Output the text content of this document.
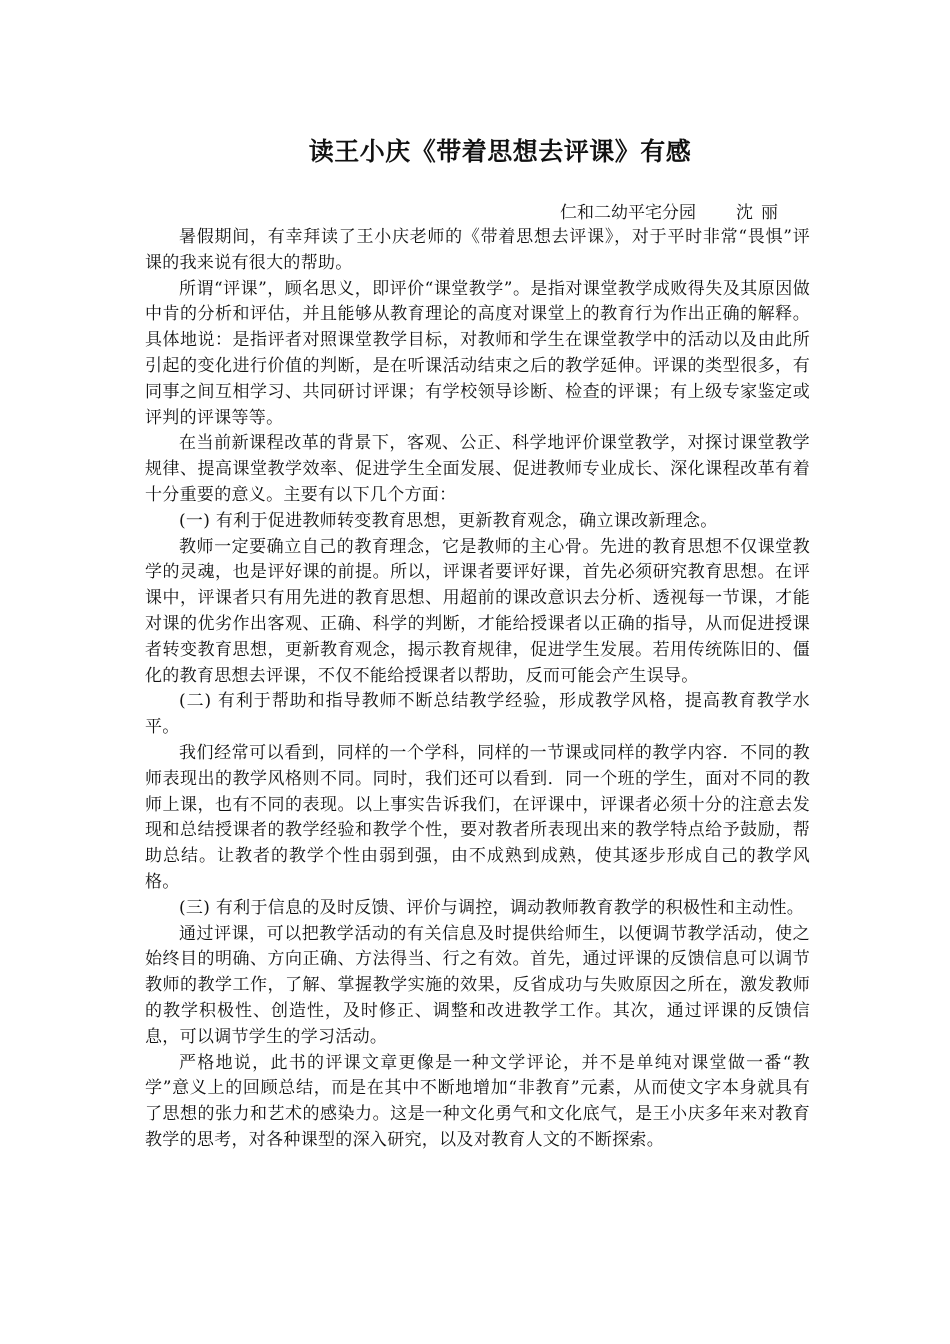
读王小庆《带着思想去评课》有感
仁和二幼平宅分园 沈丽

暑假期间，有幸拜读了王小庆老师的《带着思想去评课》，对于平时非常“畏惧”评课的我来说有很大的帮助。

所谓“评课”，顾名思义，即评价“课堂教学”。是指对课堂教学成败得失及其原因做中肯的分析和评估，并且能够从教育理论的高度对课堂上的教育行为作出正确的解释。具体地说：是指评者对照课堂教学目标，对教师和学生在课堂教学中的活动以及由此所引起的变化进行价值的判断，是在听课活动结束之后的教学延伸。评课的类型很多，有同事之间互相学习、共同研讨评课；有学校领导诊断、检查的评课；有上级专家鉴定或评判的评课等等。

在当前新课程改革的背景下，客观、公正、科学地评价课堂教学，对探讨课堂教学规律、提高课堂教学效率、促进学生全面发展、促进教师专业成长、深化课程改革有着十分重要的意义。主要有以下几个方面：

(一) 有利于促进教师转变教育思想，更新教育观念，确立课改新理念。

教师一定要确立自己的教育理念，它是教师的主心骨。先进的教育思想不仅课堂教学的灵魂，也是评好课的前提。所以，评课者要评好课，首先必须研究教育思想。在评课中，评课者只有用先进的教育思想、用超前的课改意识去分析、透视每一节课，才能对课的优劣作出客观、正确、科学的判断，才能给授课者以正确的指导，从而促进授课者转变教育思想，更新教育观念，揭示教育规律，促进学生发展。若用传统陈旧的、僵化的教育思想去评课，不仅不能给授课者以帮助，反而可能会产生误导。

(二) 有利于帮助和指导教师不断总结教学经验，形成教学风格，提高教育教学水平。

我们经常可以看到，同样的一个学科，同样的一节课或同样的教学内容．不同的教师表现出的教学风格则不同。同时，我们还可以看到．同一个班的学生，面对不同的教师上课，也有不同的表现。以上事实告诉我们，在评课中，评课者必须十分的注意去发现和总结授课者的教学经验和教学个性，要对教者所表现出来的教学特点给予鼓励，帮助总结。让教者的教学个性由弱到强，由不成熟到成熟，使其逐步形成自己的教学风格。

(三) 有利于信息的及时反馈、评价与调控，调动教师教育教学的积极性和主动性。

通过评课，可以把教学活动的有关信息及时提供给师生，以便调节教学活动，使之始终目的明确、方向正确、方法得当、行之有效。首先，通过评课的反馈信息可以调节教师的教学工作，了解、掌握教学实施的效果，反省成功与失败原因之所在，激发教师的教学积极性、创造性，及时修正、调整和改进教学工作。其次，通过评课的反馈信息，可以调节学生的学习活动。

严格地说，此书的评课文章更像是一种文学评论，并不是单纯对课堂做一番“教学”意义上的回顾总结，而是在其中不断地增加“非教育”元素，从而使文字本身就具有了思想的张力和艺术的感染力。这是一种文化勇气和文化底气，是王小庆多年来对教育教学的思考，对各种课型的深入研究，以及对教育人文的不断探索。
